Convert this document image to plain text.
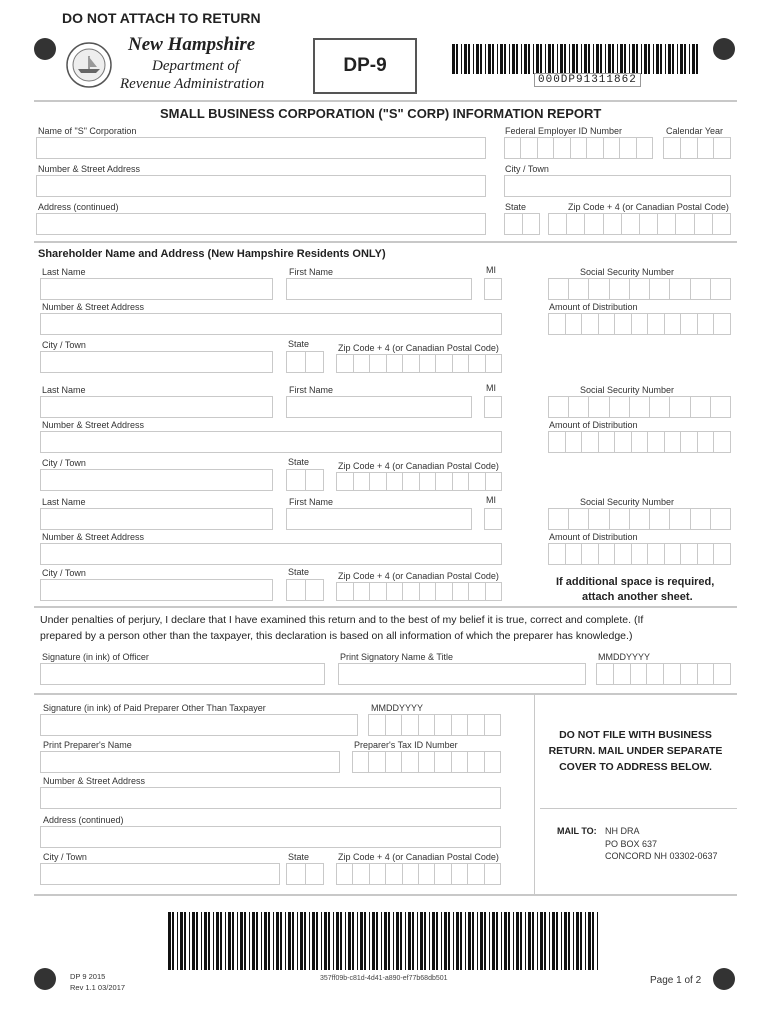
DO NOT ATTACH TO RETURN
New Hampshire
Department of
Revenue Administration
DP-9
000DP91311862
SMALL BUSINESS CORPORATION ("S" CORP) INFORMATION REPORT
Name of "S" Corporation	Federal Employer ID Number	Calendar Year
Number & Street Address	City / Town
Address (continued)	State	Zip Code + 4 (or Canadian Postal Code)
Shareholder Name and Address (New Hampshire Residents ONLY)
Last Name	First Name	MI	Social Security Number
Number & Street Address	Amount of Distribution
City / Town	State	Zip Code + 4 (or Canadian Postal Code)
Last Name	First Name	MI	Social Security Number
Number & Street Address	Amount of Distribution
City / Town	State	Zip Code + 4 (or Canadian Postal Code)
Last Name	First Name	MI	Social Security Number
Number & Street Address	Amount of Distribution
City / Town	State	Zip Code + 4 (or Canadian Postal Code)	If additional space is required,
attach another sheet.
Under penalties of perjury, I declare that I have examined this return and to the best of my belief it is true, correct and complete. (If
prepared by a person other than the taxpayer, this declaration is based on all information of which the preparer has knowledge.)
Signature (in ink) of Officer	Print Signatory Name & Title	MMDDYYYY
Signature (in ink) of Paid Preparer Other Than Taxpayer	MMDDYYYY
Print Preparer's Name	Preparer's Tax ID Number
Number & Street Address
Address (continued)
City / Town	State	Zip Code + 4 (or Canadian Postal Code)
DO NOT FILE WITH BUSINESS
RETURN. MAIL UNDER SEPARATE
COVER TO ADDRESS BELOW.
MAIL TO: NH DRA
PO BOX 637
CONCORD NH 03302-0637
357ff09b-c81d-4d41-a890-ef77b68db501
DP 9 2015
Rev 1.1 03/2017
Page 1 of 2
